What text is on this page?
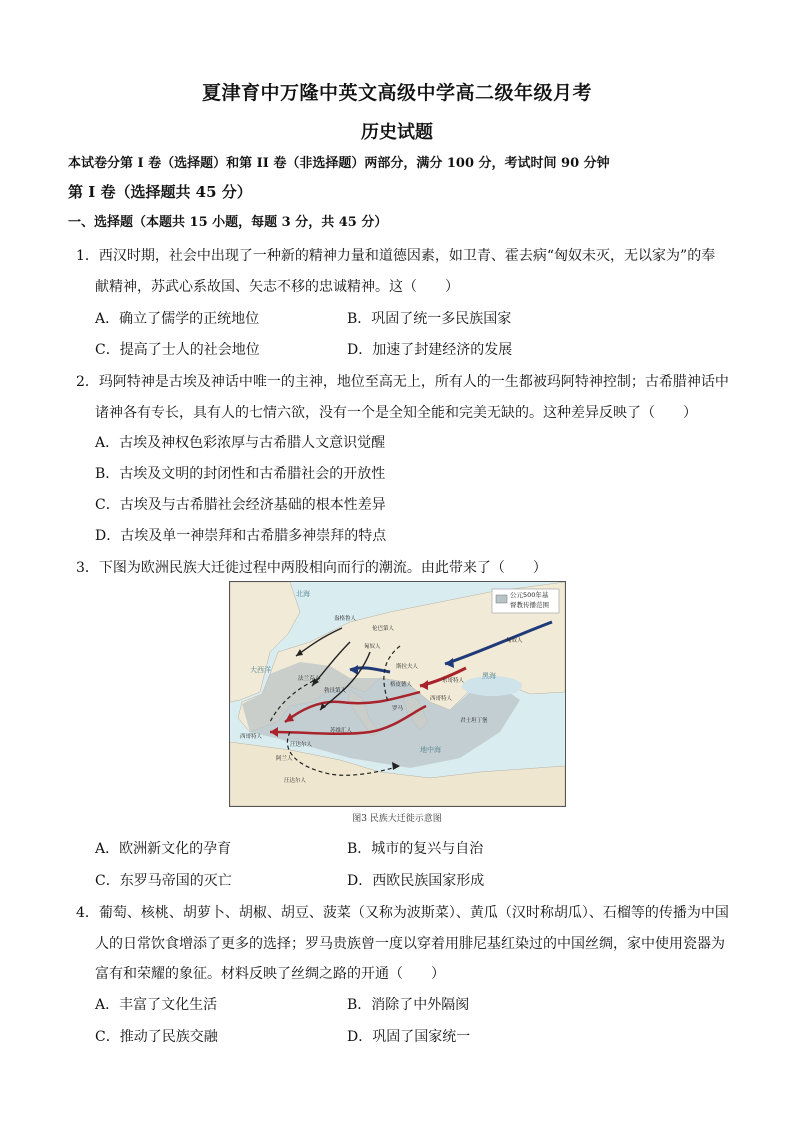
夏津育中万隆中英文高级中学高二级年级月考
历史试题
本试卷分第 I 卷（选择题）和第 II 卷（非选择题）两部分，满分 100 分，考试时间 90 分钟
第 I 卷（选择题共 45 分）
一、选择题（本题共 15 小题，每题 3 分，共 45 分）
1．西汉时期，社会中出现了一种新的精神力量和道德因素，如卫青、霍去病“匈奴未灭，无以家为”的奉
献精神，苏武心系故国、矢志不移的忠诚精神。这（　　）
A．确立了儒学的正统地位	B．巩固了统一多民族国家
C．提高了士人的社会地位	D．加速了封建经济的发展
2．玛阿特神是古埃及神话中唯一的主神，地位至高无上，所有人的一生都被玛阿特神控制；古希腊神话中
诸神各有专长，具有人的七情六欲，没有一个是全知全能和完美无缺的。这种差异反映了（　　）
A．古埃及神权色彩浓厚与古希腊人文意识觉醒
B．古埃及文明的封闭性和古希腊社会的开放性
C．古埃及与古希腊社会经济基础的根本性差异
D．古埃及单一神崇拜和古希腊多神崇拜的特点
3．下图为欧洲民族大迁徙过程中两股相向而行的潮流。由此带来了（　　）
公元500年基
督教传播范围
北海
大西洋
黑海
地中海
盎格鲁人
伦巴第人
法兰克人
勃艮第人
匈奴人
匈奴人
西哥特人
东哥特人
汪达尔人
汪达尔人
阿兰人
格皮德人
罗马
君士坦丁堡
西哥特人
苏维汇人
斯拉夫人
图3 民族大迁徙示意图
A．欧洲新文化的孕育	B．城市的复兴与自治
C．东罗马帝国的灭亡	D．西欧民族国家形成
4．葡萄、核桃、胡萝卜、胡椒、胡豆、菠菜（又称为波斯菜）、黄瓜（汉时称胡瓜）、石榴等的传播为中国
人的日常饮食增添了更多的选择；罗马贵族曾一度以穿着用腓尼基红染过的中国丝绸，家中使用瓷器为
富有和荣耀的象征。材料反映了丝绸之路的开通（　　）
A．丰富了文化生活	B．消除了中外隔阂
C．推动了民族交融	D．巩固了国家统一
